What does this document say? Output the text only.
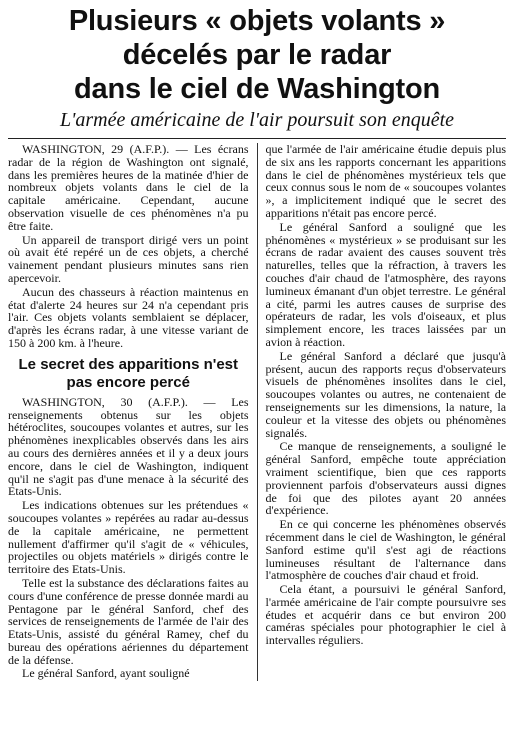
Plusieurs « objets volants »
décelés par le radar
dans le ciel de Washington
L'armée américaine de l'air poursuit son enquête

WASHINGTON, 29 (A.F.P.). — Les écrans radar de la région de Washington ont signalé, dans les premières heures de la matinée d'hier de nombreux objets volants dans le ciel de la capitale américaine. Cependant, aucune observation visuelle de ces phénomènes n'a pu être faite.

Un appareil de transport dirigé vers un point où avait été repéré un de ces objets, a cherché vainement pendant plusieurs minutes sans rien apercevoir.

Aucun des chasseurs à réaction maintenus en état d'alerte 24 heures sur 24 n'a cependant pris l'air. Ces objets volants semblaient se déplacer, d'après les écrans radar, à une vitesse variant de 150 à 200 km. à l'heure.

Le secret des apparitions n'est pas encore percé

WASHINGTON, 30 (A.F.P.). — Les renseignements obtenus sur les objets hétéroclites, soucoupes volantes et autres, sur les phénomènes inexplicables observés dans les airs au cours des dernières années et il y a deux jours encore, dans le ciel de Washington, indiquent qu'il ne s'agit pas d'une menace à la sécurité des Etats-Unis.

Les indications obtenues sur les prétendues « soucoupes volantes » repérées au radar au-dessus de la capitale américaine, ne permettent nullement d'affirmer qu'il s'agit de « véhicules, projectiles ou objets matériels » dirigés contre le territoire des Etats-Unis.

Telle est la substance des déclarations faites au cours d'une conférence de presse donnée mardi au Pentagone par le général Sanford, chef des services de renseignements de l'armée de l'air des Etats-Unis, assisté du général Ramey, chef du bureau des opérations aériennes du département de la défense.

Le général Sanford, ayant souligné

que l'armée de l'air américaine étudie depuis plus de six ans les rapports concernant les apparitions dans le ciel de phénomènes mystérieux tels que ceux connus sous le nom de « soucoupes volantes », a implicitement indiqué que le secret des apparitions n'était pas encore percé.

Le général Sanford a souligné que les phénomènes « mystérieux » se produisant sur les écrans de radar avaient des causes souvent très naturelles, telles que la réfraction, à travers les couches d'air chaud de l'atmosphère, des rayons lumineux émanant d'un objet terrestre. Le général a cité, parmi les autres causes de surprise des opérateurs de radar, les vols d'oiseaux, et plus simplement encore, les traces laissées par un avion à réaction.

Le général Sanford a déclaré que jusqu'à présent, aucun des rapports reçus d'observateurs visuels de phénomènes insolites dans le ciel, soucoupes volantes ou autres, ne contenaient de renseignements sur les dimensions, la nature, la couleur et la vitesse des objets ou phénomènes signalés.

Ce manque de renseignements, a souligné le général Sanford, empêche toute appréciation vraiment scientifique, bien que ces rapports proviennent parfois d'observateurs aussi dignes de foi que des pilotes ayant 20 années d'expérience.

En ce qui concerne les phénomènes observés récemment dans le ciel de Washington, le général Sanford estime qu'il s'est agi de réactions lumineuses résultant de l'alternance dans l'atmosphère de couches d'air chaud et froid.

Cela étant, a poursuivi le général Sanford, l'armée américaine de l'air compte poursuivre ses études et acquérir dans ce but environ 200 caméras spéciales pour photographier le ciel à intervalles réguliers.
